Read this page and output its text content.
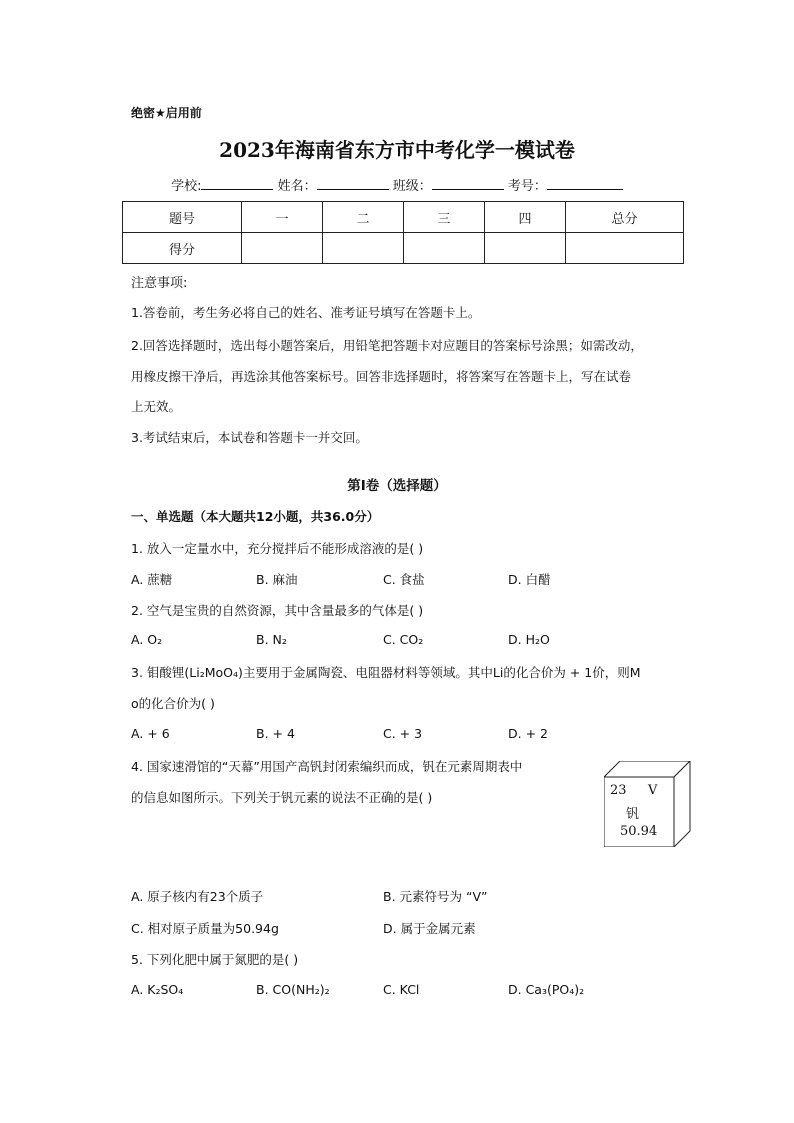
绝密★启用前
2023年海南省东方市中考化学一模试卷
学校:	姓名：	班级：	考号：
题号	一	二	三	四	总分
得分					
注意事项:
1.答卷前，考生务必将自己的姓名、准考证号填写在答题卡上。
2.回答选择题时，选出每小题答案后，用铅笔把答题卡对应题目的答案标号涂黑；如需改动，
用橡皮擦干净后，再选涂其他答案标号。回答非选择题时，将答案写在答题卡上，写在试卷
上无效。
3.考试结束后，本试卷和答题卡一并交回。
第I卷（选择题）
一、单选题（本大题共12小题，共36.0分）
1. 放入一定量水中，充分搅拌后不能形成溶液的是( )
A. 蔗糖	B. 麻油	C. 食盐	D. 白醋
2. 空气是宝贵的自然资源，其中含量最多的气体是( )
A. O₂	B. N₂	C. CO₂	D. H₂O
3. 钼酸锂(Li₂MoO₄)主要用于金属陶瓷、电阻器材料等领域。其中Li的化合价为 + 1价，则M
o的化合价为( )
A. + 6	B. + 4	C. + 3	D. + 2
4. 国家速滑馆的“天幕”用国产高钒封闭索编织而成，钒在元素周期表中
的信息如图所示。下列关于钒元素的说法不正确的是( )	23 V
钒
50.94
A. 原子核内有23个质子	B. 元素符号为 “V”
C. 相对原子质量为50.94g	D. 属于金属元素
5. 下列化肥中属于氮肥的是( )
A. K₂SO₄	B. CO(NH₂)₂	C. KCl	D. Ca₃(PO₄)₂
